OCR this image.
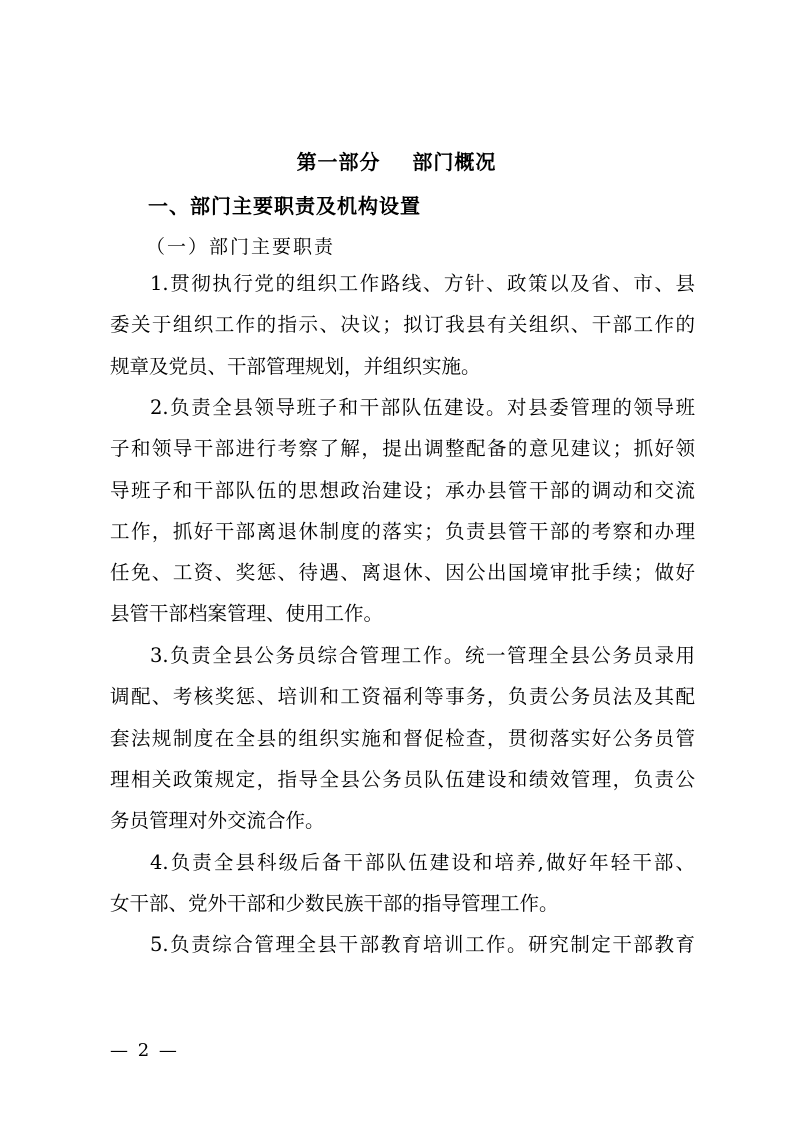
第一部分    部门概况
一、部门主要职责及机构设置
（一）部门主要职责
1.贯彻执行党的组织工作路线、方针、政策以及省、市、县
委关于组织工作的指示、决议；拟订我县有关组织、干部工作的
规章及党员、干部管理规划，并组织实施。
2.负责全县领导班子和干部队伍建设。对县委管理的领导班
子和领导干部进行考察了解，提出调整配备的意见建议；抓好领
导班子和干部队伍的思想政治建设；承办县管干部的调动和交流
工作，抓好干部离退休制度的落实；负责县管干部的考察和办理
任免、工资、奖惩、待遇、离退休、因公出国境审批手续；做好
县管干部档案管理、使用工作。
3.负责全县公务员综合管理工作。统一管理全县公务员录用
调配、考核奖惩、培训和工资福利等事务，负责公务员法及其配
套法规制度在全县的组织实施和督促检查，贯彻落实好公务员管
理相关政策规定，指导全县公务员队伍建设和绩效管理，负责公
务员管理对外交流合作。
4.负责全县科级后备干部队伍建设和培养,做好年轻干部、
女干部、党外干部和少数民族干部的指导管理工作。
5.负责综合管理全县干部教育培训工作。研究制定干部教育
— 2 —
